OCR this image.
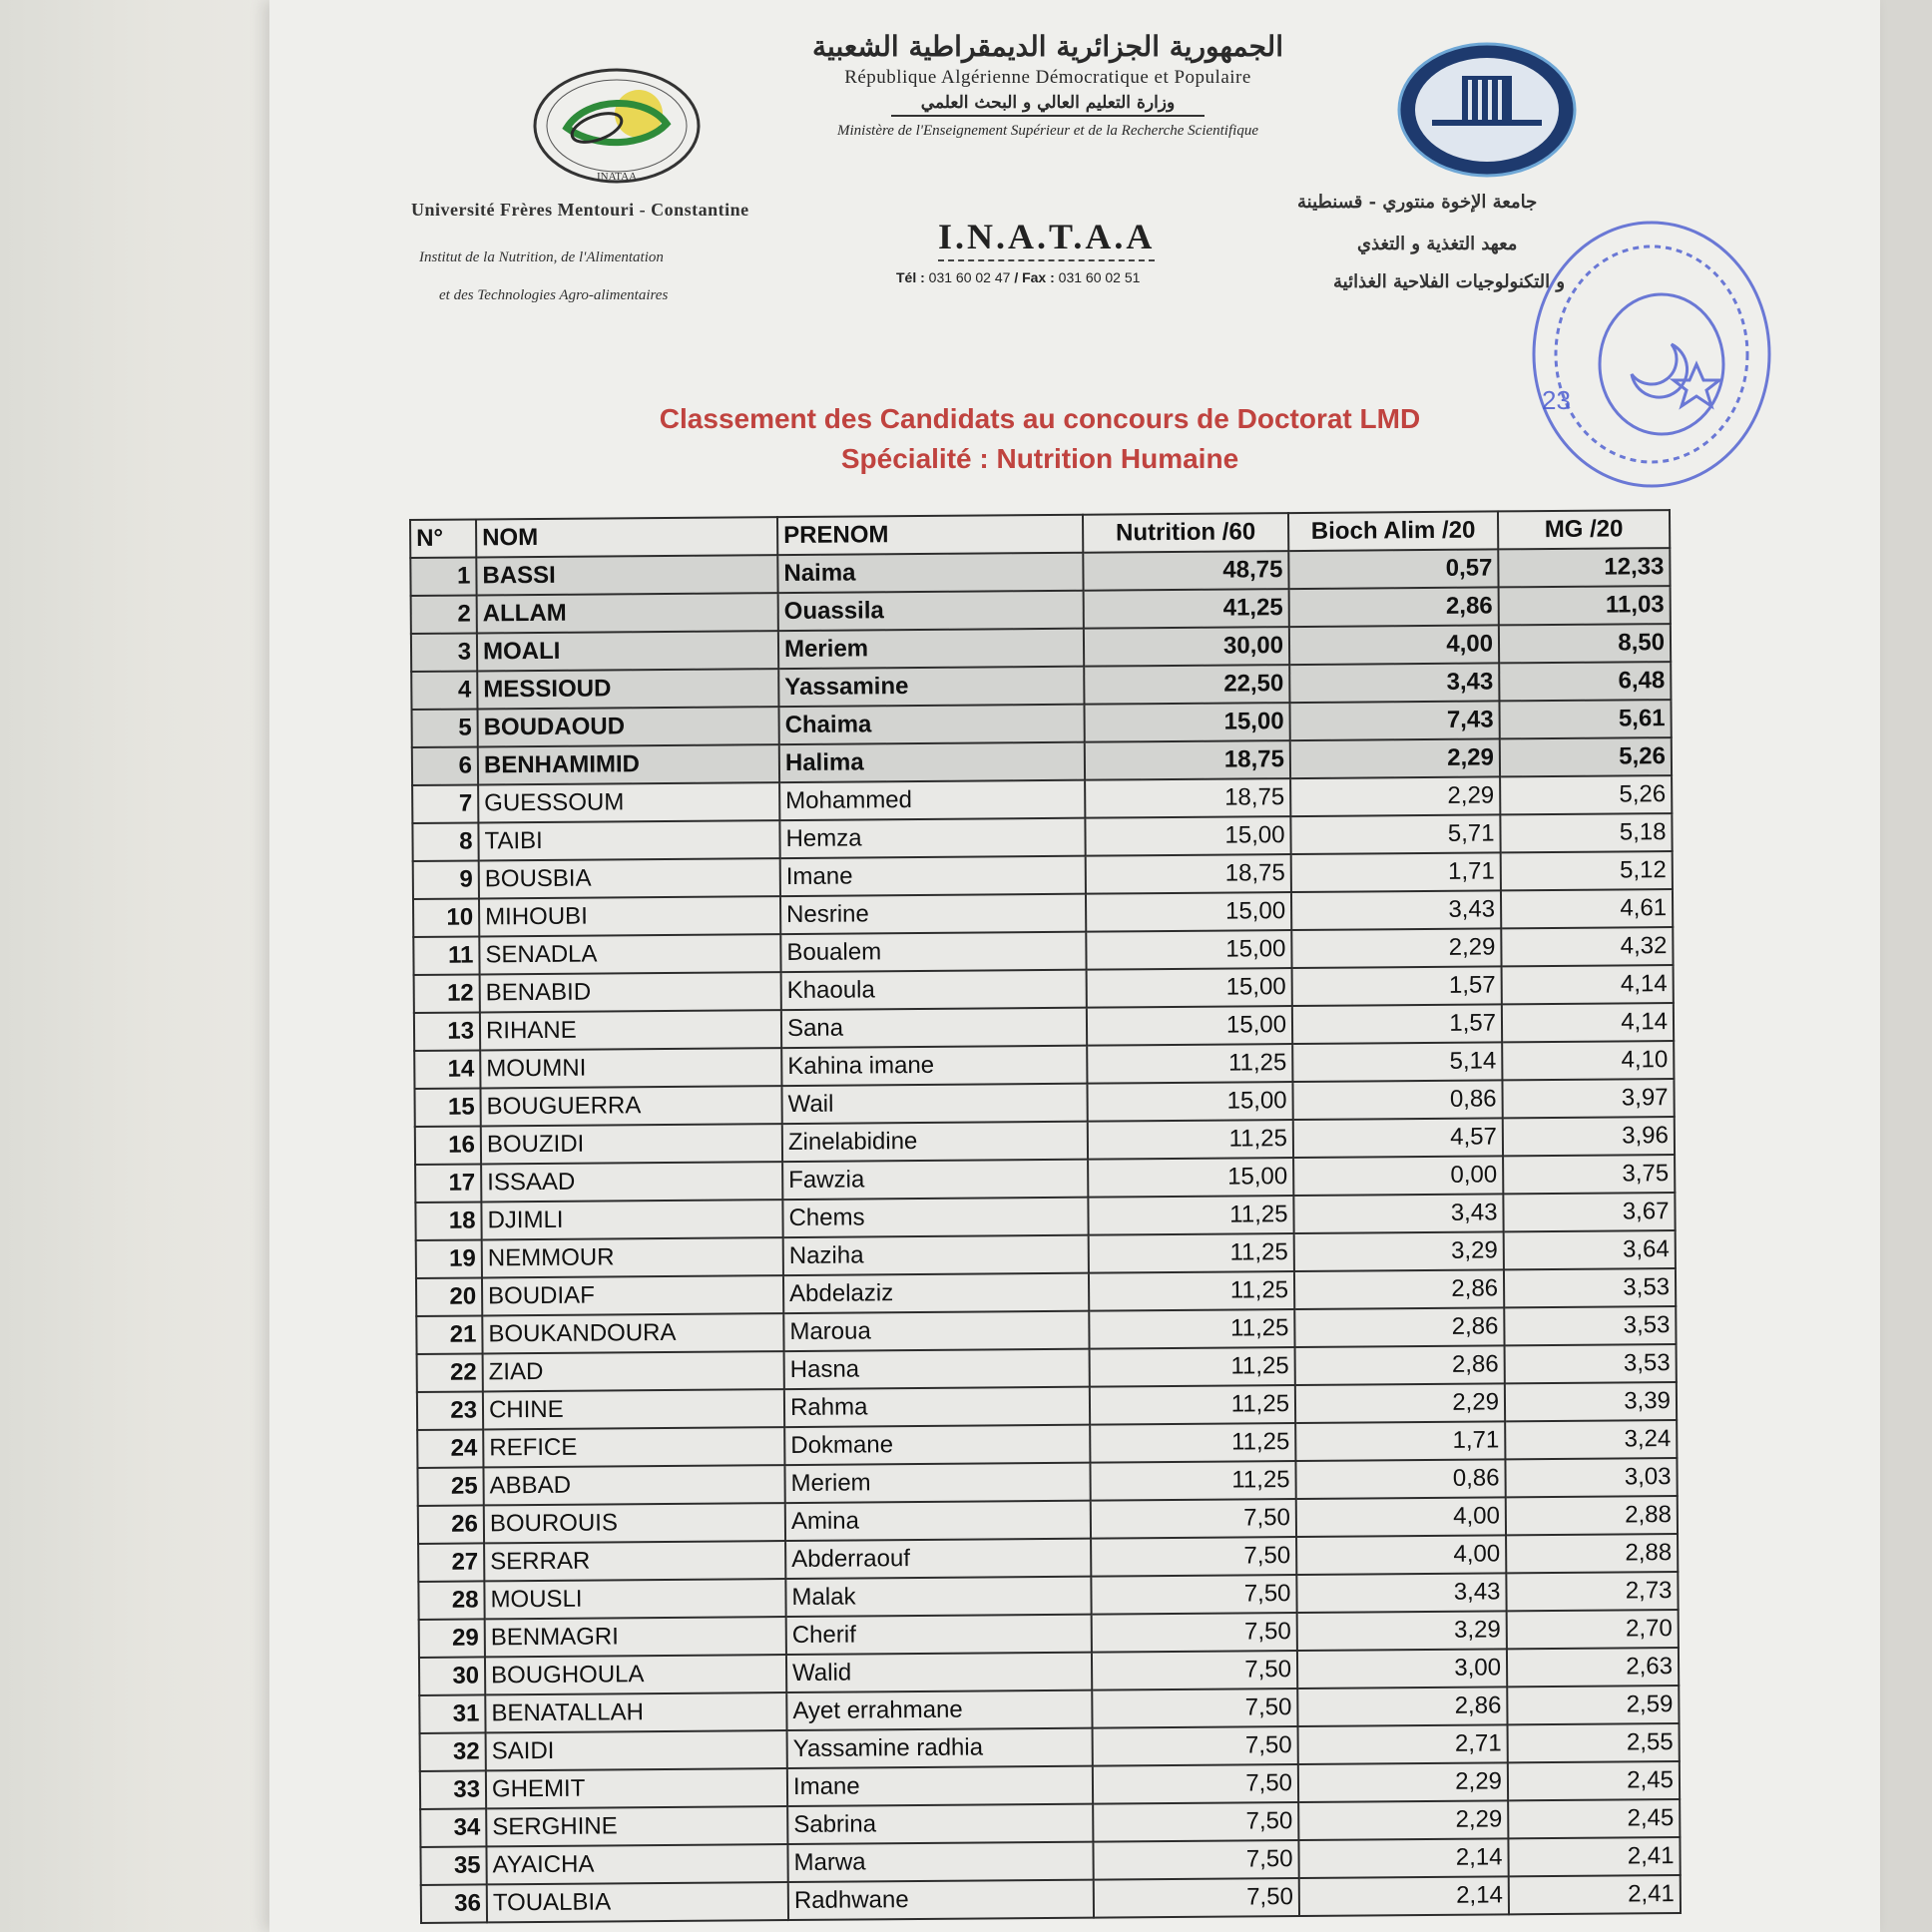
INATAA
الجمهورية الجزائرية الديمقراطية الشعبية
République Algérienne Démocratique et Populaire
وزارة التعليم العالي و البحث العلمي
Ministère de l'Enseignement Supérieur et de la Recherche Scientifique
Université Frères Mentouri - Constantine
Institut de la Nutrition, de l'Alimentation
et des Technologies Agro-alimentaires
I.N.A.T.A.A
Tél : 031 60 02 47 / Fax : 031 60 02 51
جامعة الإخوة منتوري - قسنطينة
معهد التغذية و التغذي
و التكنولوجيات الفلاحية الغذائية
23
Classement des Candidats au concours de Doctorat LMD
Spécialité : Nutrition Humaine
N°	NOM	PRENOM	Nutrition /60	Bioch Alim /20	MG /20
1	BASSI	Naima	48,75	0,57	12,33
2	ALLAM	Ouassila	41,25	2,86	11,03
3	MOALI	Meriem	30,00	4,00	8,50
4	MESSIOUD	Yassamine	22,50	3,43	6,48
5	BOUDAOUD	Chaima	15,00	7,43	5,61
6	BENHAMIMID	Halima	18,75	2,29	5,26
7	GUESSOUM	Mohammed	18,75	2,29	5,26
8	TAIBI	Hemza	15,00	5,71	5,18
9	BOUSBIA	Imane	18,75	1,71	5,12
10	MIHOUBI	Nesrine	15,00	3,43	4,61
11	SENADLA	Boualem	15,00	2,29	4,32
12	BENABID	Khaoula	15,00	1,57	4,14
13	RIHANE	Sana	15,00	1,57	4,14
14	MOUMNI	Kahina imane	11,25	5,14	4,10
15	BOUGUERRA	Wail	15,00	0,86	3,97
16	BOUZIDI	Zinelabidine	11,25	4,57	3,96
17	ISSAAD	Fawzia	15,00	0,00	3,75
18	DJIMLI	Chems	11,25	3,43	3,67
19	NEMMOUR	Naziha	11,25	3,29	3,64
20	BOUDIAF	Abdelaziz	11,25	2,86	3,53
21	BOUKANDOURA	Maroua	11,25	2,86	3,53
22	ZIAD	Hasna	11,25	2,86	3,53
23	CHINE	Rahma	11,25	2,29	3,39
24	REFICE	Dokmane	11,25	1,71	3,24
25	ABBAD	Meriem	11,25	0,86	3,03
26	BOUROUIS	Amina	7,50	4,00	2,88
27	SERRAR	Abderraouf	7,50	4,00	2,88
28	MOUSLI	Malak	7,50	3,43	2,73
29	BENMAGRI	Cherif	7,50	3,29	2,70
30	BOUGHOULA	Walid	7,50	3,00	2,63
31	BENATALLAH	Ayet errahmane	7,50	2,86	2,59
32	SAIDI	Yassamine radhia	7,50	2,71	2,55
33	GHEMIT	Imane	7,50	2,29	2,45
34	SERGHINE	Sabrina	7,50	2,29	2,45
35	AYAICHA	Marwa	7,50	2,14	2,41
36	TOUALBIA	Radhwane	7,50	2,14	2,41
